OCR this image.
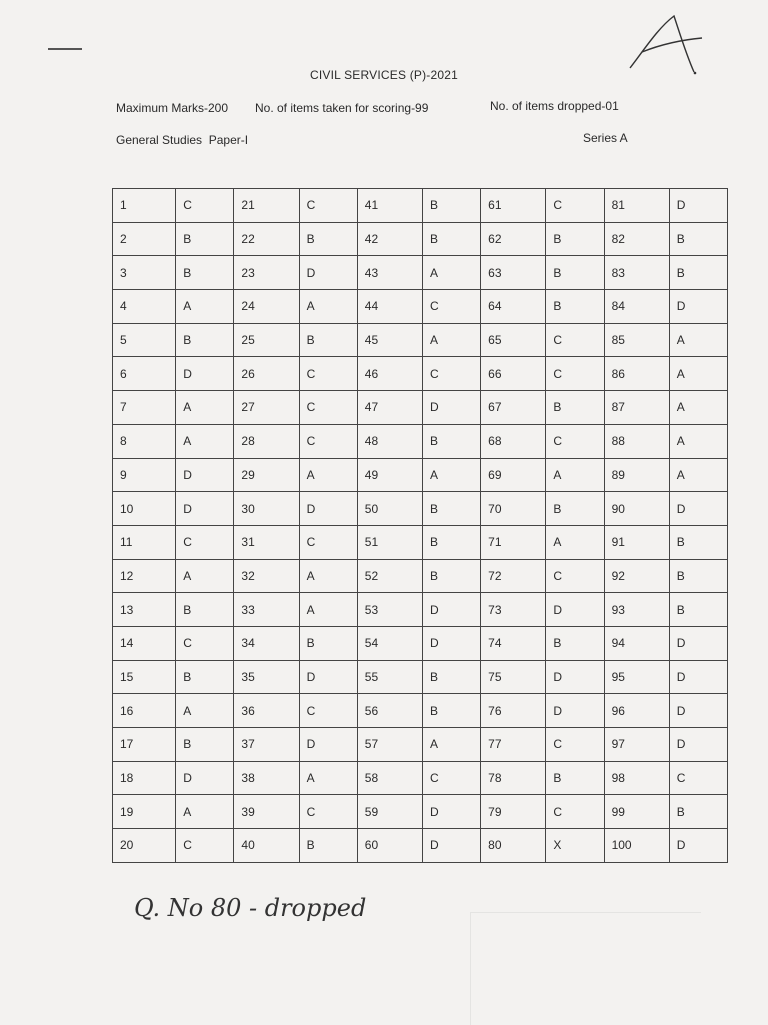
CIVIL SERVICES (P)-2021
Maximum Marks-200 No. of items taken for scoring-99	No. of items dropped-01
General Studies  Paper-I	Series A
1	C	21	C	41	B	61	C	81	D
2	B	22	B	42	B	62	B	82	B
3	B	23	D	43	A	63	B	83	B
4	A	24	A	44	C	64	B	84	D
5	B	25	B	45	A	65	C	85	A
6	D	26	C	46	C	66	C	86	A
7	A	27	C	47	D	67	B	87	A
8	A	28	C	48	B	68	C	88	A
9	D	29	A	49	A	69	A	89	A
10	D	30	D	50	B	70	B	90	D
11	C	31	C	51	B	71	A	91	B
12	A	32	A	52	B	72	C	92	B
13	B	33	A	53	D	73	D	93	B
14	C	34	B	54	D	74	B	94	D
15	B	35	D	55	B	75	D	95	D
16	A	36	C	56	B	76	D	96	D
17	B	37	D	57	A	77	C	97	D
18	D	38	A	58	C	78	B	98	C
19	A	39	C	59	D	79	C	99	B
20	C	40	B	60	D	80	X	100	D
Q. No 80 - dropped
